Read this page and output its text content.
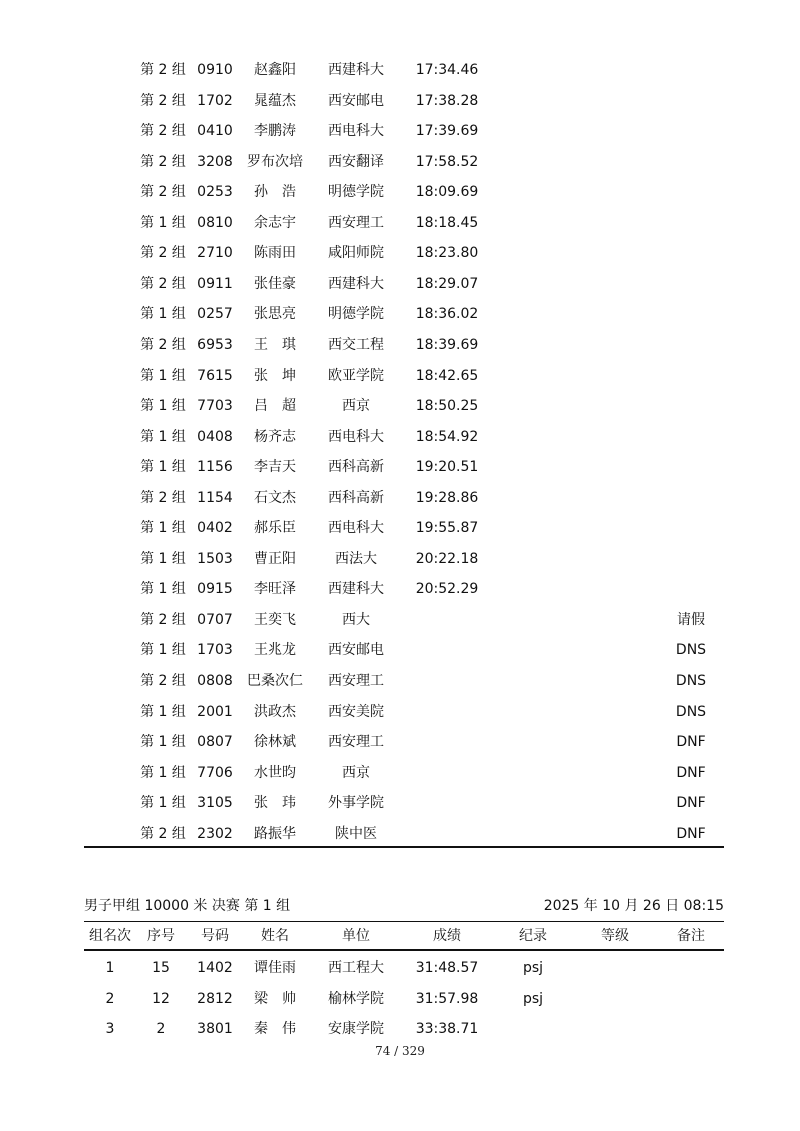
第 2 组 0910	赵鑫阳	西建科大	17:34.46
第 2 组 1702	晁蕴杰	西安邮电	17:38.28
第 2 组 0410	李鹏涛	西电科大	17:39.69
第 2 组 3208 罗布次培	西安翻译	17:58.52
第 2 组 0253	孙　浩	明德学院	18:09.69
第 1 组 0810	余志宇	西安理工	18:18.45
第 2 组 2710	陈雨田	咸阳师院	18:23.80
第 2 组 0911	张佳豪	西建科大	18:29.07
第 1 组 0257	张思亮	明德学院	18:36.02
第 2 组 6953	王　琪	西交工程	18:39.69
第 1 组 7615	张　坤	欧亚学院	18:42.65
第 1 组 7703	吕　超	西京	18:50.25
第 1 组 0408	杨齐志	西电科大	18:54.92
第 1 组 1156	李吉天	西科高新	19:20.51
第 2 组 1154	石文杰	西科高新	19:28.86
第 1 组 0402	郝乐臣	西电科大	19:55.87
第 1 组 1503	曹正阳	西法大	20:22.18
第 1 组 0915	李旺泽	西建科大	20:52.29
第 2 组 0707	王奕飞	西大	请假
第 1 组 1703	王兆龙	西安邮电	DNS
第 2 组 0808 巴桑次仁	西安理工	DNS
第 1 组 2001	洪政杰	西安美院	DNS
第 1 组 0807	徐林斌	西安理工	DNF
第 1 组 7706	水世昀	西京	DNF
第 1 组 3105	张　玮	外事学院	DNF
第 2 组 2302	路振华	陕中医	DNF
男子甲组 10000 米 决赛 第 1 组	2025 年 10 月 26 日 08:15
组名次	序号	号码	姓名	单位	成绩	纪录	等级	备注
1	15	1402	谭佳雨	西工程大	31:48.57	psj
2	12	2812	梁　帅	榆林学院	31:57.98	psj
3	2	3801	秦　伟	安康学院	33:38.71
74 / 329
